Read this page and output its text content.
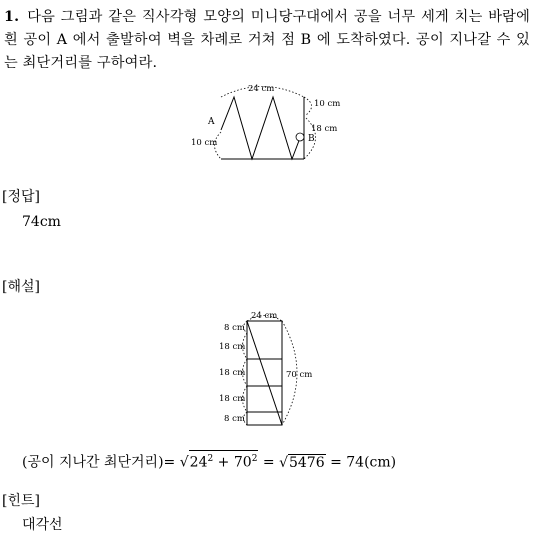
1. 다음 그림과 같은 직사각형 모양의 미니당구대에서 공을 너무 세게 치는 바람에 흰 공이 A 에서 출발하여 벽을 차례로 거쳐 점 B 에 도착하였다. 공이 지나갈 수 있는 최단거리를 구하여라.
24 cm
10 cm
18 cm
10 cm
A
B
24 cm
70 cm
8 cm
18 cm
18 cm
18 cm
8 cm
[정답]
74cm
[해설]
(공이 지나간 최단거리)= $√24^2 + 70^2 = √5476 = 74(cm)$
[힌트]
대각선
